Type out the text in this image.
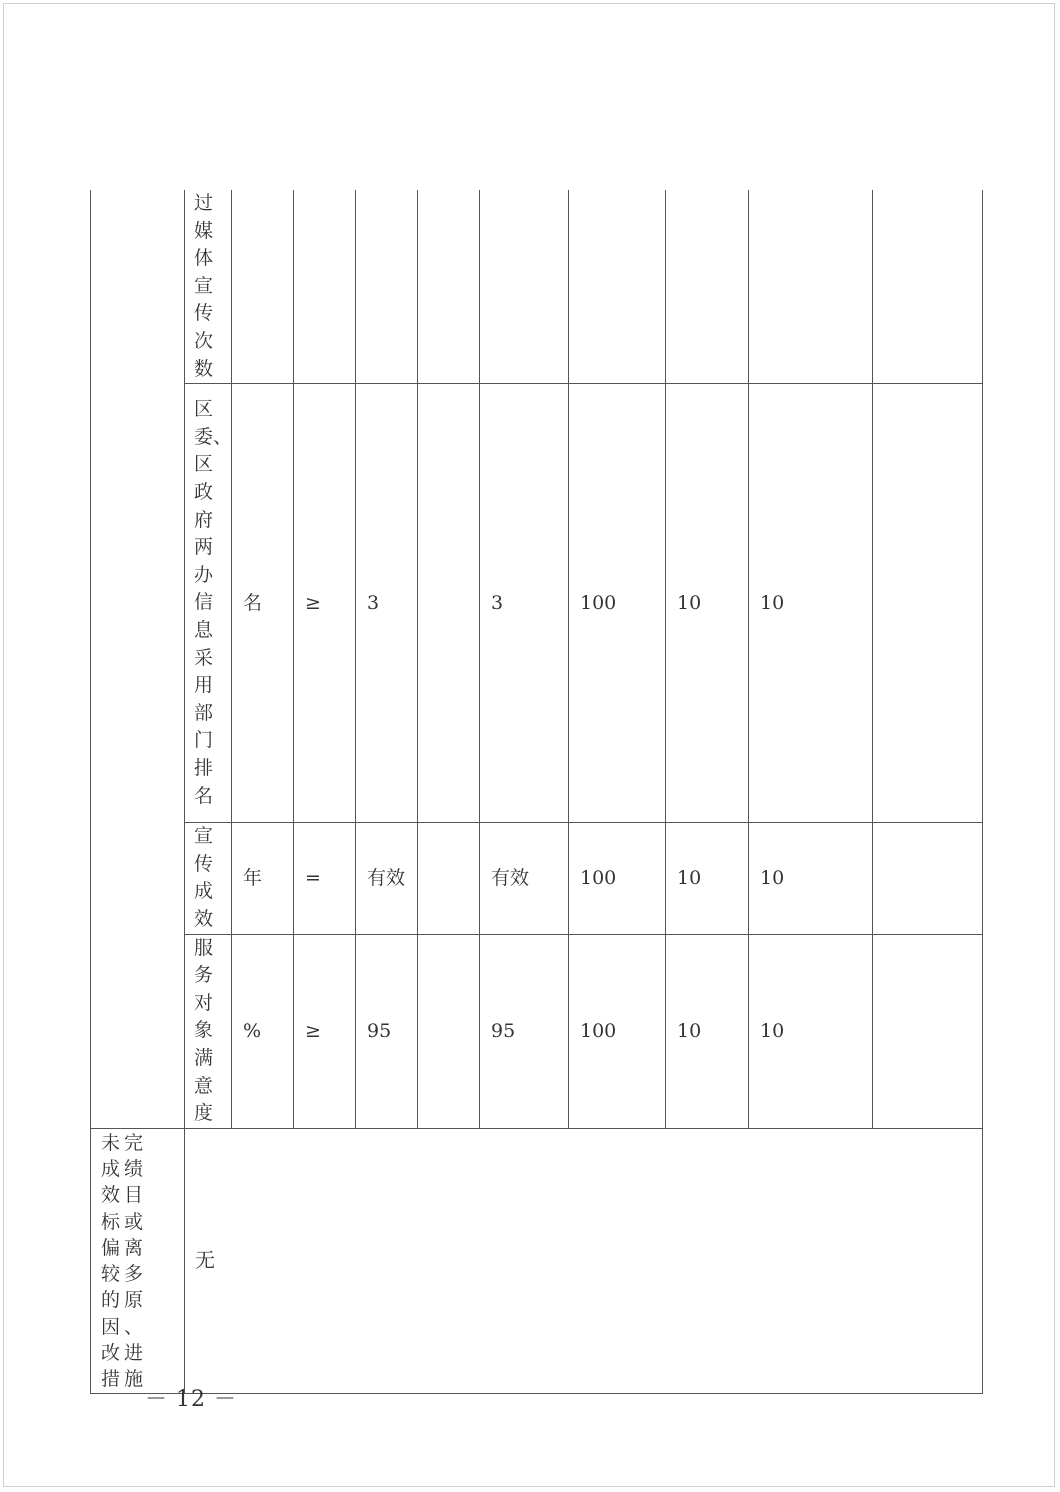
	过媒体宣传次数									

	区委、区政府两办信息采用部门排名	名	≥	3		3	100	10	10	

	宣传成效	年	=	有效		有效	100	10	10	

	服务对象满意度	%	≥	95		95	100	10	10	

未完成绩效目标或偏离较多的原因、改进措施	无									
－ 12 －
